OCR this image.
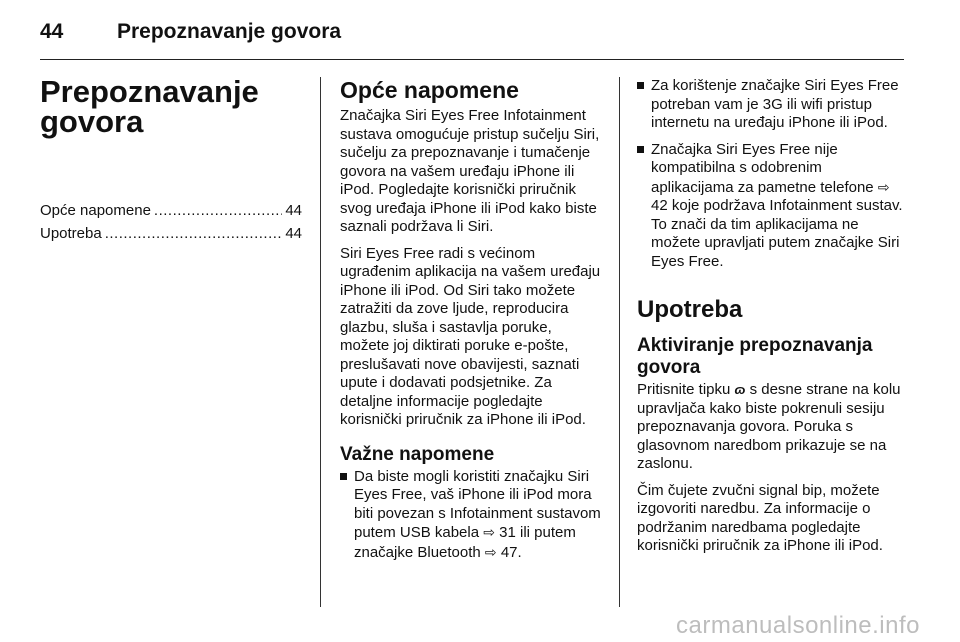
44	Prepoznavanje govora
Prepoznavanje govora
Opće napomene .....	44
Upotreba .....	44
Opće napomene

Značajka Siri Eyes Free Infotainment sustava omogućuje pristup sučelju Siri, sučelju za prepoznavanje i tumačenje govora na vašem uređaju iPhone ili iPod. Pogledajte korisnički priručnik svog uređaja iPhone ili iPod kako biste saznali podržava li Siri.

Siri Eyes Free radi s većinom ugrađenim aplikacija na vašem uređaju iPhone ili iPod. Od Siri tako možete zatražiti da zove ljude, reproducira glazbu, sluša i sastavlja poruke, možete joj diktirati poruke e-pošte, preslušavati nove obavijesti, saznati upute i dodavati podsjetnike. Za detaljne informacije pogledajte korisnički priručnik za iPhone ili iPod.

Važne napomene
Da biste mogli koristiti značajku Siri Eyes Free, vaš iPhone ili iPod mora biti povezan s Infotainment sustavom putem USB kabela ⇨ 31 ili putem značajke Bluetooth ⇨ 47.
Za korištenje značajke Siri Eyes Free potreban vam je 3G ili wifi pristup internetu na uređaju iPhone ili iPod.
Značajka Siri Eyes Free nije kompatibilna s odobrenim aplikacijama za pametne telefone ⇨ 42 koje podržava Infotainment sustav. To znači da tim aplikacijama ne možete upravljati putem značajke Siri Eyes Free.
Upotreba
Aktiviranje prepoznavanja govora

Pritisnite tipku ɷ s desne strane na kolu upravljača kako biste pokrenuli sesiju prepoznavanja govora. Poruka s glasovnom naredbom prikazuje se na zaslonu.

Čim čujete zvučni signal bip, možete izgovoriti naredbu. Za informacije o podržanim naredbama pogledajte korisnički priručnik za iPhone ili iPod.

carmanualsonline.info
